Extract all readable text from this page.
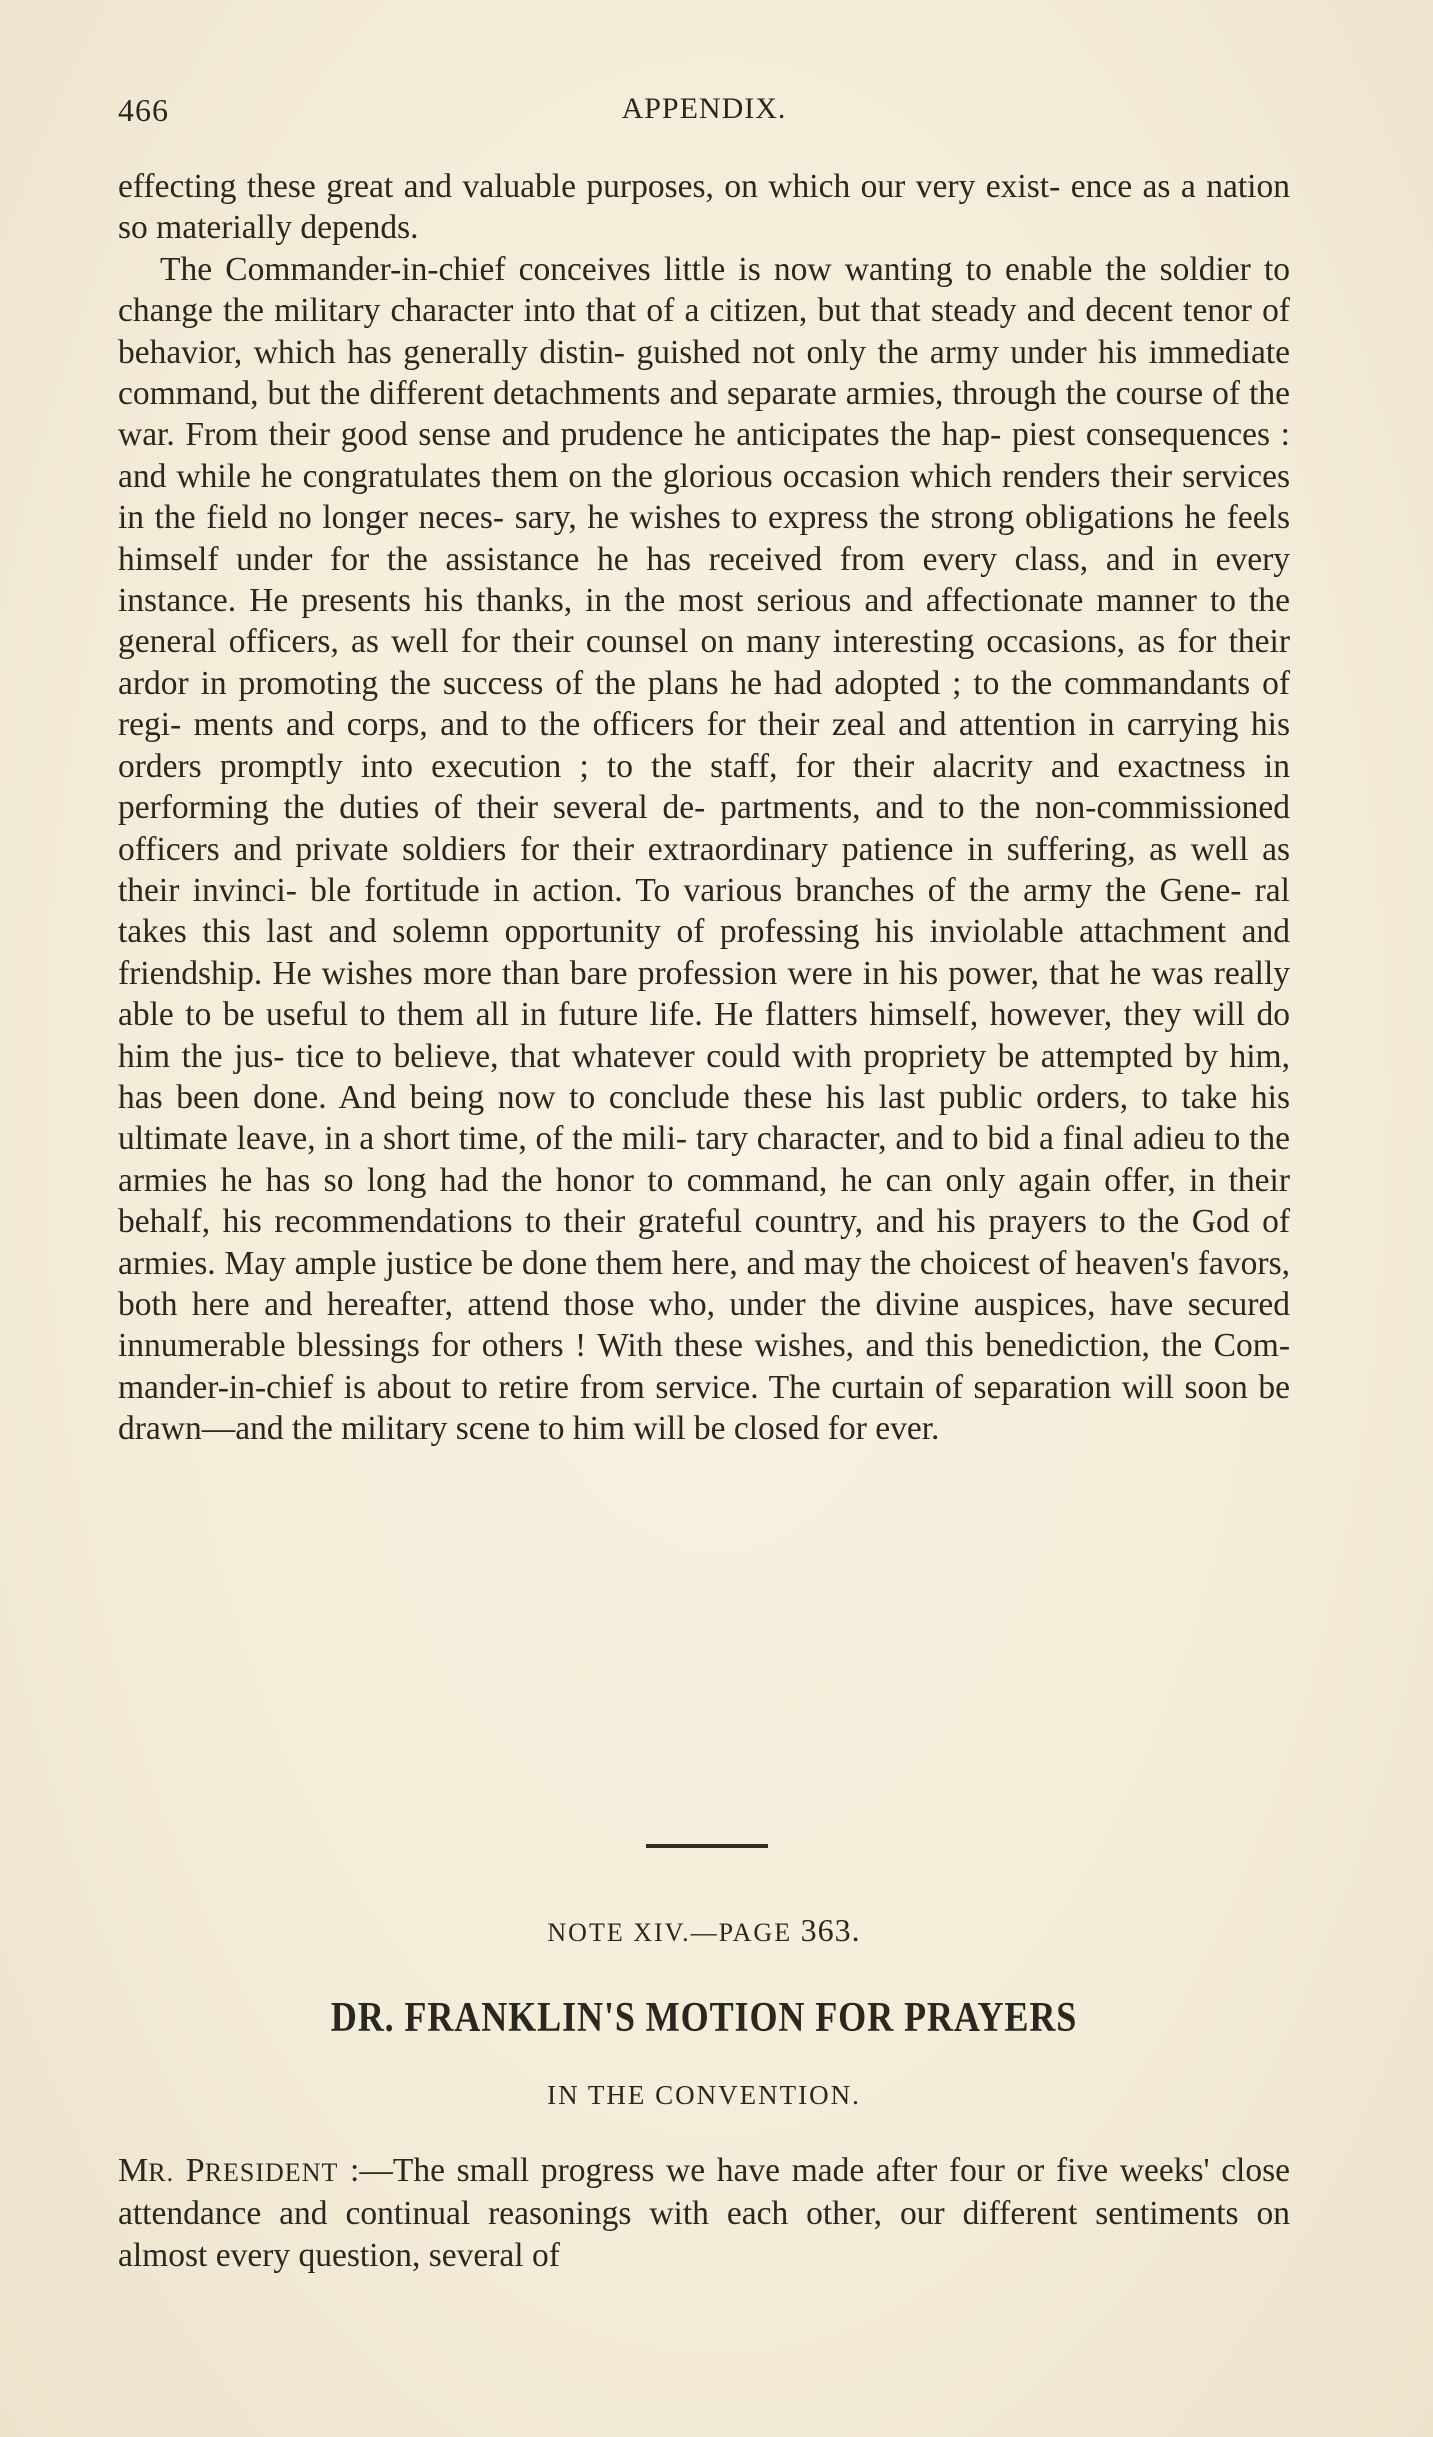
466	APPENDIX.

effecting these great and valuable purposes, on which our very exist- ence as a nation so materially depends.

The Commander-in-chief conceives little is now wanting to enable the soldier to change the military character into that of a citizen, but that steady and decent tenor of behavior, which has generally distin- guished not only the army under his immediate command, but the different detachments and separate armies, through the course of the war. From their good sense and prudence he anticipates the hap- piest consequences : and while he congratulates them on the glorious occasion which renders their services in the field no longer neces- sary, he wishes to express the strong obligations he feels himself under for the assistance he has received from every class, and in every instance. He presents his thanks, in the most serious and affectionate manner to the general officers, as well for their counsel on many interesting occasions, as for their ardor in promoting the success of the plans he had adopted ; to the commandants of regi- ments and corps, and to the officers for their zeal and attention in carrying his orders promptly into execution ; to the staff, for their alacrity and exactness in performing the duties of their several de- partments, and to the non-commissioned officers and private soldiers for their extraordinary patience in suffering, as well as their invinci- ble fortitude in action. To various branches of the army the Gene- ral takes this last and solemn opportunity of professing his inviolable attachment and friendship. He wishes more than bare profession were in his power, that he was really able to be useful to them all in future life. He flatters himself, however, they will do him the jus- tice to believe, that whatever could with propriety be attempted by him, has been done. And being now to conclude these his last public orders, to take his ultimate leave, in a short time, of the mili- tary character, and to bid a final adieu to the armies he has so long had the honor to command, he can only again offer, in their behalf, his recommendations to their grateful country, and his prayers to the God of armies. May ample justice be done them here, and may the choicest of heaven's favors, both here and hereafter, attend those who, under the divine auspices, have secured innumerable blessings for others ! With these wishes, and this benediction, the Com- mander-in-chief is about to retire from service. The curtain of separation will soon be drawn—and the military scene to him will be closed for ever.

NOTE XIV.—PAGE 363.
DR. FRANKLIN'S MOTION FOR PRAYERS
IN THE CONVENTION.

MR. PRESIDENT :—The small progress we have made after four or five weeks' close attendance and continual reasonings with each other, our different sentiments on almost every question, several of
